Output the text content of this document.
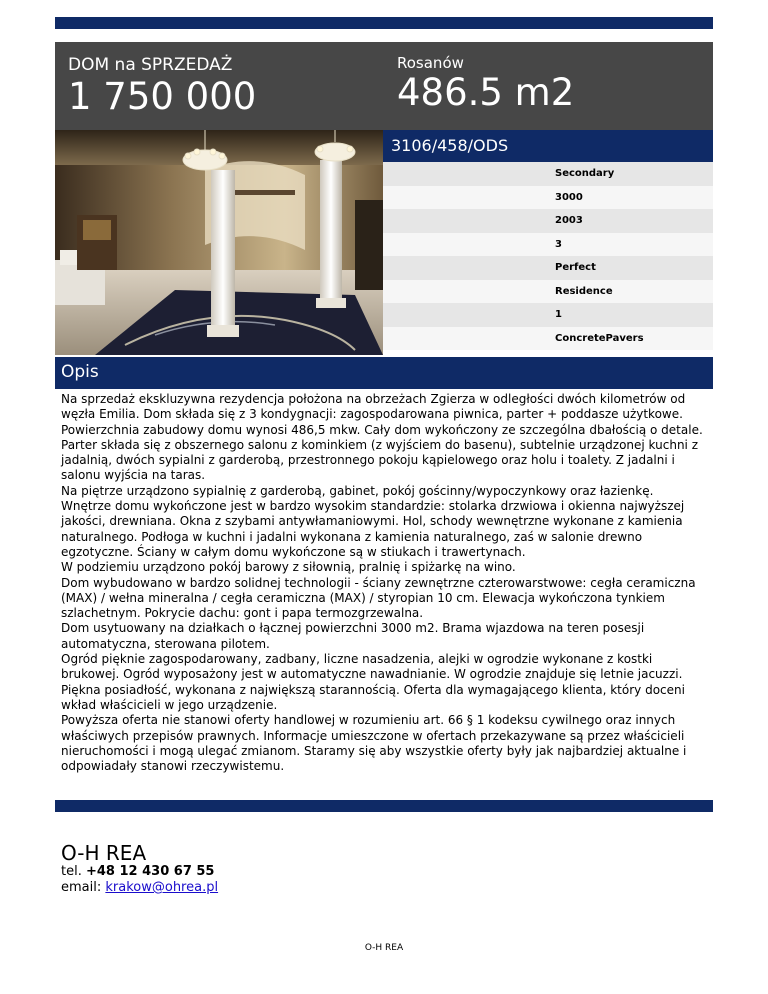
DOM na SPRZEDAŻ
1 750 000
Rosanów
486.5 m2
3106/458/ODS
Secondary
3000
2003
3
Perfect
Residence
1
ConcretePavers
Opis

Na sprzedaż ekskluzywna rezydencja położona na obrzeżach Zgierza w odległości dwóch kilometrów od węzła Emilia. Dom składa się z 3 kondygnacji: zagospodarowana piwnica, parter + poddasze użytkowe. Powierzchnia zabudowy domu wynosi 486,5 mkw. Cały dom wykończony ze szczególna dbałością o detale.

Parter składa się z obszernego salonu z kominkiem (z wyjściem do basenu), subtelnie urządzonej kuchni z jadalnią, dwóch sypialni z garderobą, przestronnego pokoju kąpielowego oraz holu i toalety. Z jadalni i salonu wyjścia na taras.

Na piętrze urządzono sypialnię z garderobą, gabinet, pokój gościnny/wypoczynkowy oraz łazienkę.

Wnętrze domu wykończone jest w bardzo wysokim standardzie: stolarka drzwiowa i okienna najwyższej jakości, drewniana. Okna z szybami antywłamaniowymi. Hol, schody wewnętrzne wykonane z kamienia naturalnego. Podłoga w kuchni i jadalni wykonana z kamienia naturalnego, zaś w salonie drewno egzotyczne. Ściany w całym domu wykończone są w stiukach i trawertynach.

W podziemiu urządzono pokój barowy z siłownią, pralnię i spiżarkę na wino.

Dom wybudowano w bardzo solidnej technologii - ściany zewnętrzne czterowarstwowe: cegła ceramiczna (MAX) / wełna mineralna / cegła ceramiczna (MAX) / styropian 10 cm. Elewacja wykończona tynkiem szlachetnym. Pokrycie dachu: gont i papa termozgrzewalna.

Dom usytuowany na działkach o łącznej powierzchni 3000 m2. Brama wjazdowa na teren posesji automatyczna, sterowana pilotem.

Ogród pięknie zagospodarowany, zadbany, liczne nasadzenia, alejki w ogrodzie wykonane z kostki brukowej. Ogród wyposażony jest w automatyczne nawadnianie. W ogrodzie znajduje się letnie jacuzzi.

Piękna posiadłość, wykonana z największą starannością. Oferta dla wymagającego klienta, który doceni wkład właścicieli w jego urządzenie.

Powyższa oferta nie stanowi oferty handlowej w rozumieniu art. 66 § 1 kodeksu cywilnego oraz innych właściwych przepisów prawnych. Informacje umieszczone w ofertach przekazywane są przez właścicieli nieruchomości i mogą ulegać zmianom. Staramy się aby wszystkie oferty były jak najbardziej aktualne i odpowiadały stanowi rzeczywistemu.

O-H REA
tel. +48 12 430 67 55
email: krakow@ohrea.pl
O-H REA
